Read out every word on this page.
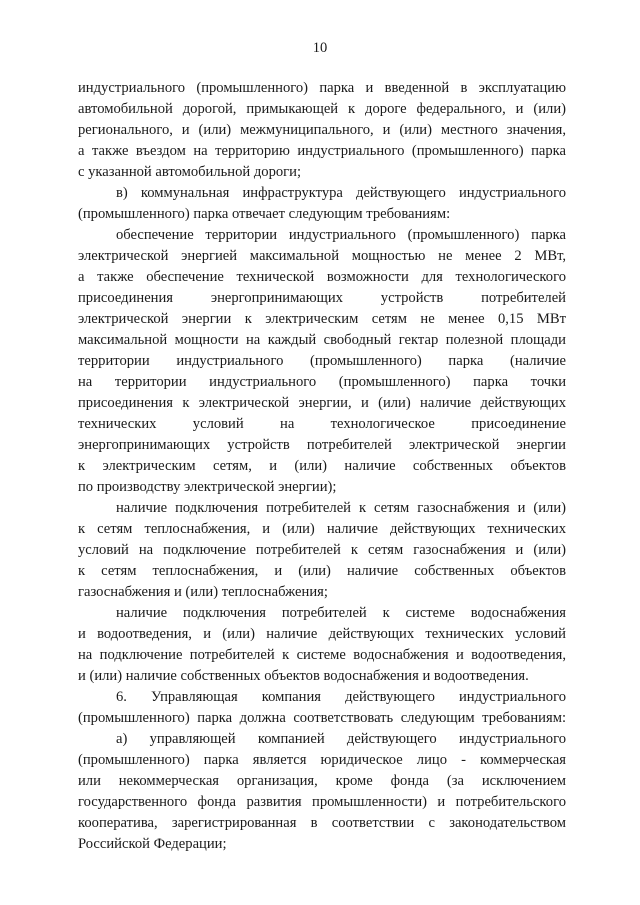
10
индустриального (промышленного) парка и введенной в эксплуатацию
автомобильной дорогой, примыкающей к дороге федерального, и (или)
регионального, и (или) межмуниципального, и (или) местного значения,
а также въездом на территорию индустриального (промышленного) парка
с указанной автомобильной дороги;
в) коммунальная инфраструктура действующего индустриального
(промышленного) парка отвечает следующим требованиям:
обеспечение территории индустриального (промышленного) парка
электрической энергией максимальной мощностью не менее 2 МВт,
а также обеспечение технической возможности для технологического
присоединения энергопринимающих устройств потребителей
электрической энергии к электрическим сетям не менее 0,15 МВт
максимальной мощности на каждый свободный гектар полезной площади
территории индустриального (промышленного) парка (наличие
на территории индустриального (промышленного) парка точки
присоединения к электрической энергии, и (или) наличие действующих
технических условий на технологическое присоединение
энергопринимающих устройств потребителей электрической энергии
к электрическим сетям, и (или) наличие собственных объектов
по производству электрической энергии);
наличие подключения потребителей к сетям газоснабжения и (или)
к сетям теплоснабжения, и (или) наличие действующих технических
условий на подключение потребителей к сетям газоснабжения и (или)
к сетям теплоснабжения, и (или) наличие собственных объектов
газоснабжения и (или) теплоснабжения;
наличие подключения потребителей к системе водоснабжения
и водоотведения, и (или) наличие действующих технических условий
на подключение потребителей к системе водоснабжения и водоотведения,
и (или) наличие собственных объектов водоснабжения и водоотведения.
6. Управляющая компания действующего индустриального
(промышленного) парка должна соответствовать следующим требованиям:
а) управляющей компанией действующего индустриального
(промышленного) парка является юридическое лицо - коммерческая
или некоммерческая организация, кроме фонда (за исключением
государственного фонда развития промышленности) и потребительского
кооператива, зарегистрированная в соответствии с законодательством
Российской Федерации;
